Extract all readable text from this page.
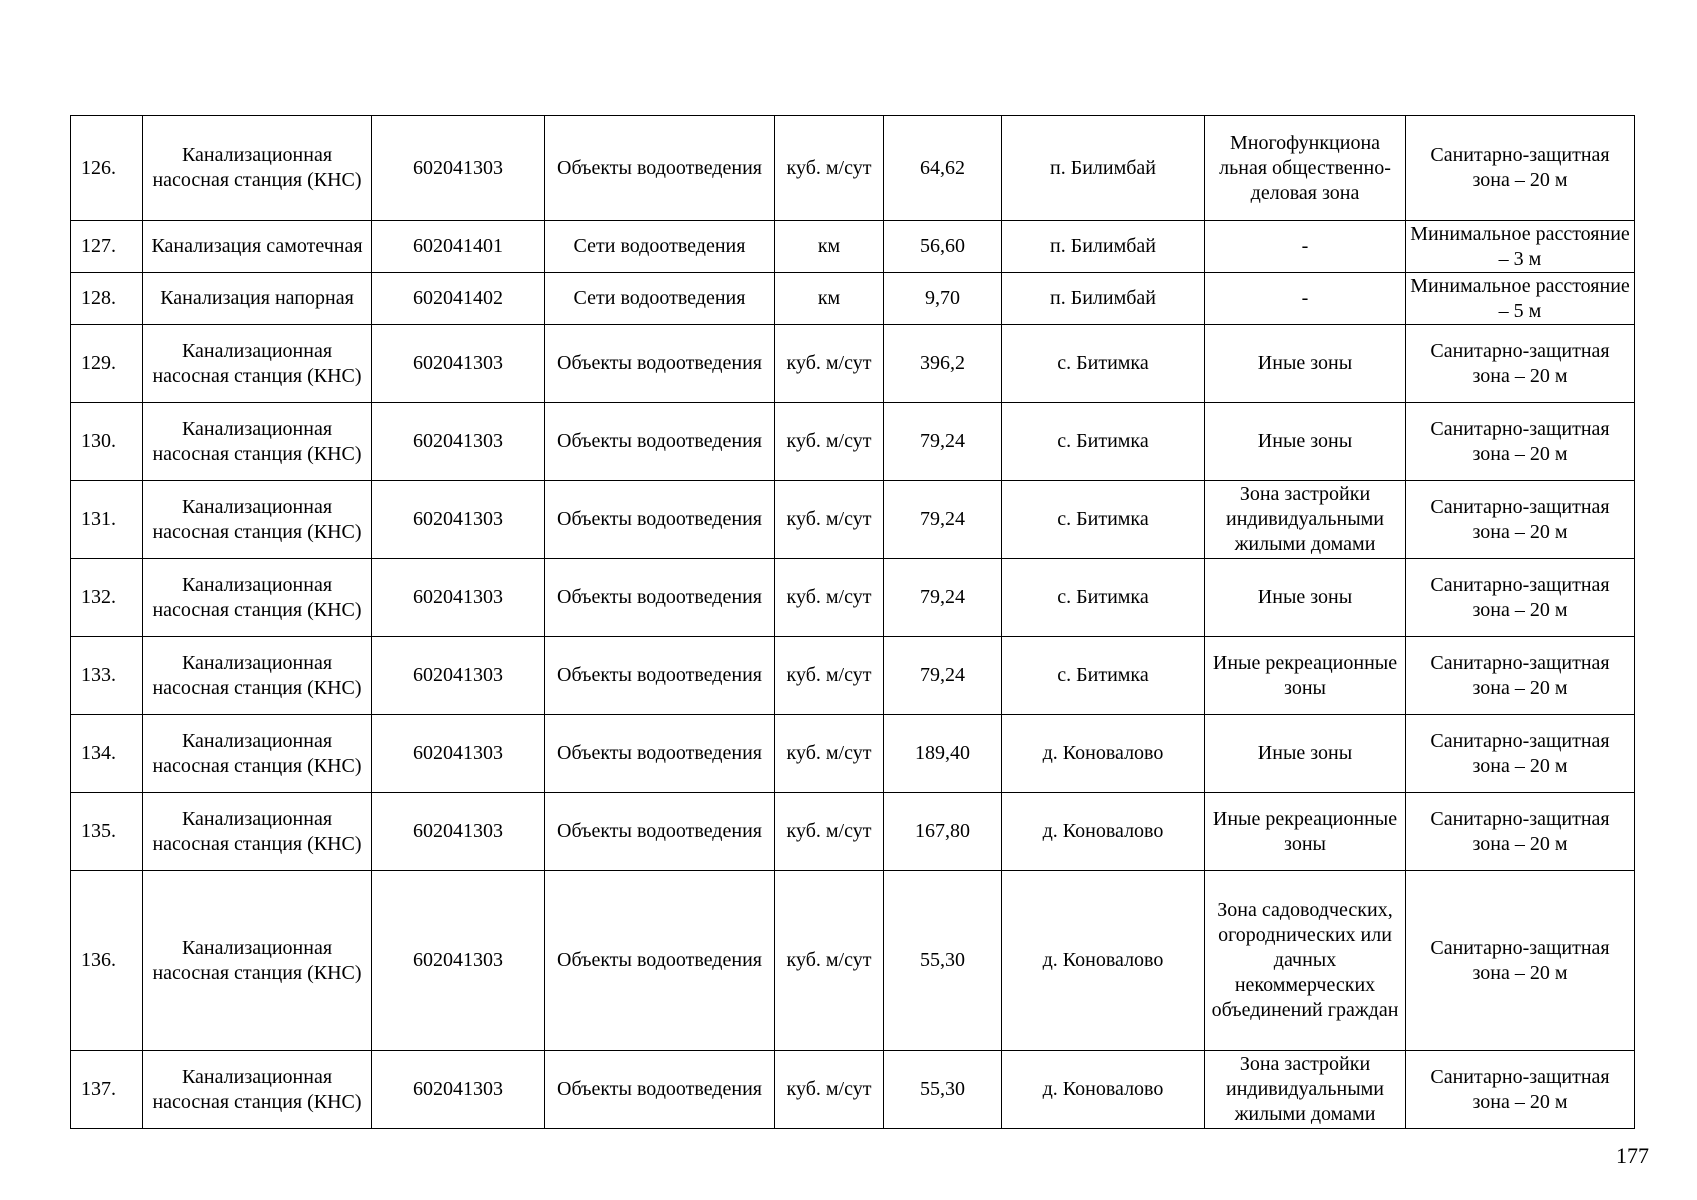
126.	Канализационная насосная станция (КНС)	602041303	Объекты водоотведения	куб. м/сут	64,62	п. Билимбай	Многофункциона льная общественно-деловая зона	Санитарно-защитная зона – 20 м
127.	Канализация самотечная	602041401	Сети водоотведения	км	56,60	п. Билимбай	-	Минимальное расстояние – 3 м
128.	Канализация напорная	602041402	Сети водоотведения	км	9,70	п. Билимбай	-	Минимальное расстояние – 5 м
129.	Канализационная насосная станция (КНС)	602041303	Объекты водоотведения	куб. м/сут	396,2	с. Битимка	Иные зоны	Санитарно-защитная зона – 20 м
130.	Канализационная насосная станция (КНС)	602041303	Объекты водоотведения	куб. м/сут	79,24	с. Битимка	Иные зоны	Санитарно-защитная зона – 20 м
131.	Канализационная насосная станция (КНС)	602041303	Объекты водоотведения	куб. м/сут	79,24	с. Битимка	Зона застройки индивидуальными жилыми домами	Санитарно-защитная зона – 20 м
132.	Канализационная насосная станция (КНС)	602041303	Объекты водоотведения	куб. м/сут	79,24	с. Битимка	Иные зоны	Санитарно-защитная зона – 20 м
133.	Канализационная насосная станция (КНС)	602041303	Объекты водоотведения	куб. м/сут	79,24	с. Битимка	Иные рекреационные зоны	Санитарно-защитная зона – 20 м
134.	Канализационная насосная станция (КНС)	602041303	Объекты водоотведения	куб. м/сут	189,40	д. Коновалово	Иные зоны	Санитарно-защитная зона – 20 м
135.	Канализационная насосная станция (КНС)	602041303	Объекты водоотведения	куб. м/сут	167,80	д. Коновалово	Иные рекреационные зоны	Санитарно-защитная зона – 20 м
136.	Канализационная насосная станция (КНС)	602041303	Объекты водоотведения	куб. м/сут	55,30	д. Коновалово	Зона садоводческих, огороднических или дачных некоммерческих объединений граждан	Санитарно-защитная зона – 20 м
137.	Канализационная насосная станция (КНС)	602041303	Объекты водоотведения	куб. м/сут	55,30	д. Коновалово	Зона застройки индивидуальными жилыми домами	Санитарно-защитная зона – 20 м
177
